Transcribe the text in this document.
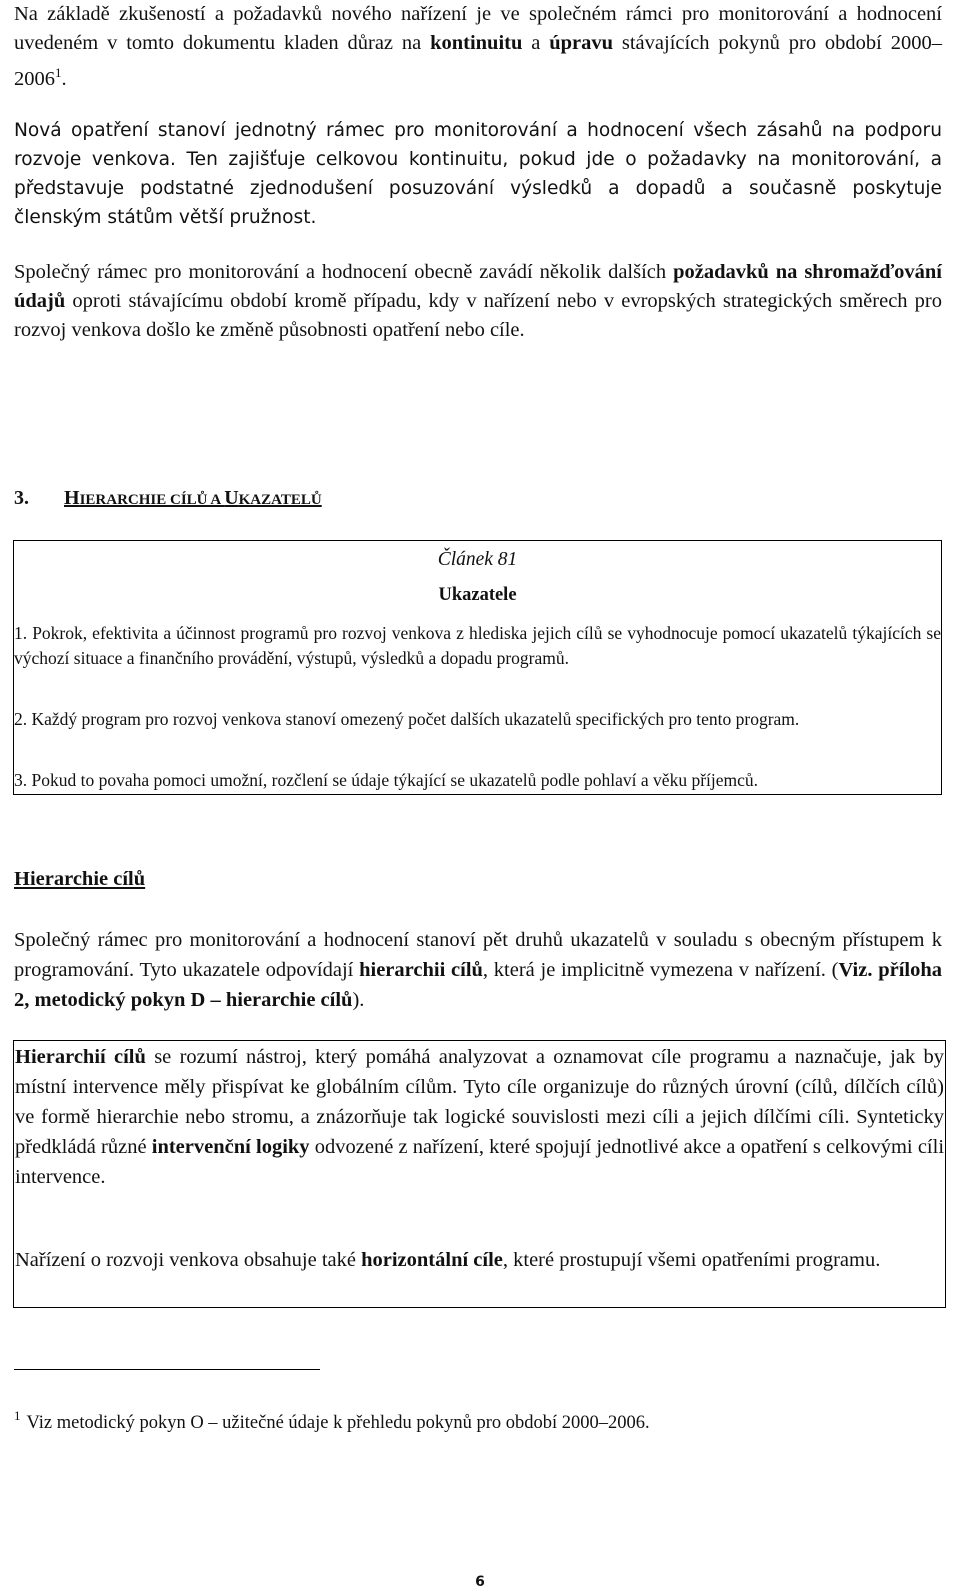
Na základě zkušeností a požadavků nového nařízení je ve společném rámci pro monitorování a hodnocení uvedeném v tomto dokumentu kladen důraz na kontinuitu a úpravu stávajících pokynů pro období 2000–2006$^1$.

Nová opatření stanoví jednotný rámec pro monitorování a hodnocení všech zásahů na podporu rozvoje venkova. Ten zajišťuje celkovou kontinuitu, pokud jde o požadavky na monitorování, a představuje podstatné zjednodušení posuzování výsledků a dopadů a současně poskytuje členským státům větší pružnost.

Společný rámec pro monitorování a hodnocení obecně zavádí několik dalších požadavků na shromažďování údajů oproti stávajícímu období kromě případu, kdy v nařízení nebo v evropských strategických směrech pro rozvoj venkova došlo ke změně působnosti opatření nebo cíle.

3. HIERARCHIE CÍLŮ A UKAZATELŮ
Článek 81
Ukazatele

1. Pokrok, efektivita a účinnost programů pro rozvoj venkova z hlediska jejich cílů se vyhodnocuje pomocí ukazatelů týkajících se výchozí situace a finančního provádění, výstupů, výsledků a dopadu programů.

2. Každý program pro rozvoj venkova stanoví omezený počet dalších ukazatelů specifických pro tento program.

3. Pokud to povaha pomoci umožní, rozčlení se údaje týkající se ukazatelů podle pohlaví a věku příjemců.

Hierarchie cílů

Společný rámec pro monitorování a hodnocení stanoví pět druhů ukazatelů v souladu s obecným přístupem k programování. Tyto ukazatele odpovídají hierarchii cílů, která je implicitně vymezena v nařízení. (Viz. příloha 2, metodický pokyn D – hierarchie cílů).

Hierarchií cílů se rozumí nástroj, který pomáhá analyzovat a oznamovat cíle programu a naznačuje, jak by místní intervence měly přispívat ke globálním cílům. Tyto cíle organizuje do různých úrovní (cílů, dílčích cílů) ve formě hierarchie nebo stromu, a znázorňuje tak logické souvislosti mezi cíli a jejich dílčími cíli. Synteticky předkládá různé intervenční logiky odvozené z nařízení, které spojují jednotlivé akce a opatření s celkovými cíli intervence.

Nařízení o rozvoji venkova obsahuje také horizontální cíle, které prostupují všemi opatřeními programu.

$^1$ Viz metodický pokyn O – užitečné údaje k přehledu pokynů pro období 2000–2006.

6
